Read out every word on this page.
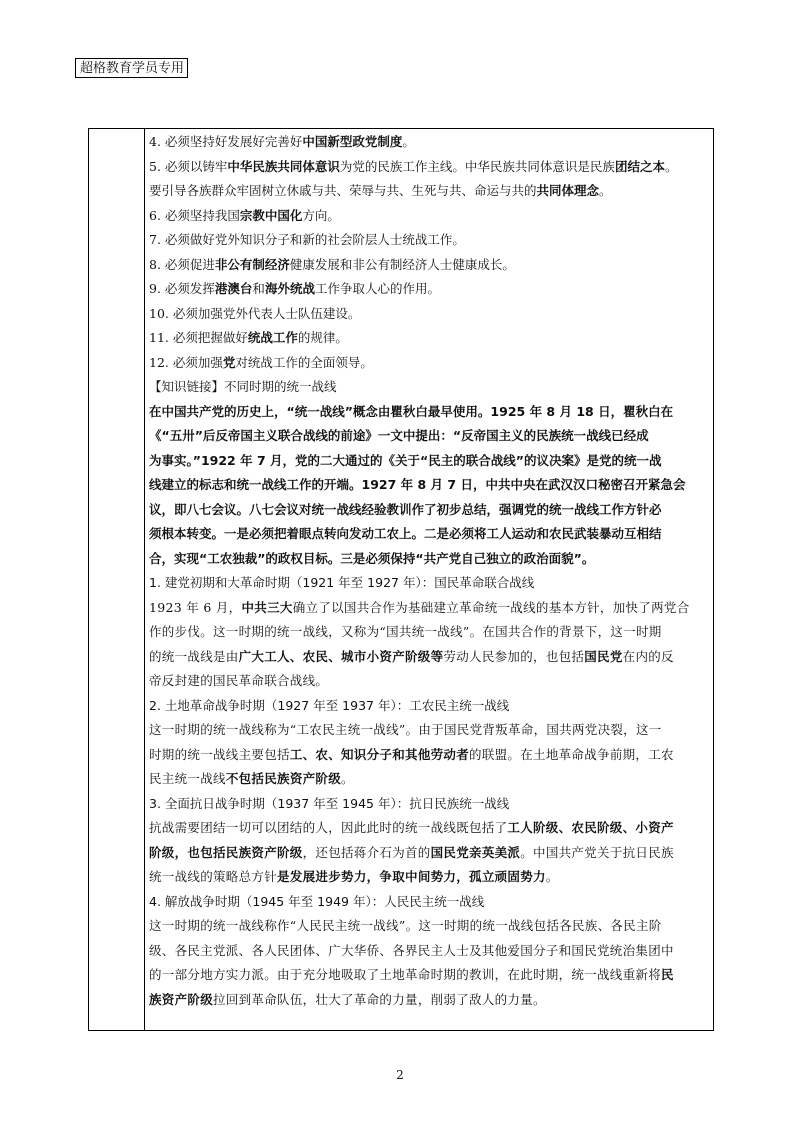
超格教育学员专用
4. 必须坚持好发展好完善好中国新型政党制度。
5. 必须以铸牢中华民族共同体意识为党的民族工作主线。中华民族共同体意识是民族团结之本。
要引导各族群众牢固树立休戚与共、荣辱与共、生死与共、命运与共的共同体理念。
6. 必须坚持我国宗教中国化方向。
7. 必须做好党外知识分子和新的社会阶层人士统战工作。
8. 必须促进非公有制经济健康发展和非公有制经济人士健康成长。
9. 必须发挥港澳台和海外统战工作争取人心的作用。
10. 必须加强党外代表人士队伍建设。
11. 必须把握做好统战工作的规律。
12. 必须加强党对统战工作的全面领导。
【知识链接】不同时期的统一战线
在中国共产党的历史上，“统一战线”概念由瞿秋白最早使用。1925 年 8 月 18 日，瞿秋白在
《“五卅”后反帝国主义联合战线的前途》一文中提出：“反帝国主义的民族统一战线已经成
为事实。”1922 年 7 月，党的二大通过的《关于“民主的联合战线”的议决案》是党的统一战
线建立的标志和统一战线工作的开端。1927 年 8 月 7 日，中共中央在武汉汉口秘密召开紧急会
议，即八七会议。八七会议对统一战线经验教训作了初步总结，强调党的统一战线工作方针必
须根本转变。一是必须把着眼点转向发动工农上。二是必须将工人运动和农民武装暴动互相结
合，实现“工农独裁”的政权目标。三是必须保持“共产党自己独立的政治面貌”。
1. 建党初期和大革命时期（1921 年至 1927 年）：国民革命联合战线
1923 年 6 月，中共三大确立了以国共合作为基础建立革命统一战线的基本方针，加快了两党合
作的步伐。这一时期的统一战线，又称为“国共统一战线”。在国共合作的背景下，这一时期
的统一战线是由广大工人、农民、城市小资产阶级等劳动人民参加的，也包括国民党在内的反
帝反封建的国民革命联合战线。
2. 土地革命战争时期（1927 年至 1937 年）：工农民主统一战线
这一时期的统一战线称为“工农民主统一战线”。由于国民党背叛革命，国共两党决裂，这一
时期的统一战线主要包括工、农、知识分子和其他劳动者的联盟。在土地革命战争前期，工农
民主统一战线不包括民族资产阶级。
3. 全面抗日战争时期（1937 年至 1945 年）：抗日民族统一战线
抗战需要团结一切可以团结的人，因此此时的统一战线既包括了工人阶级、农民阶级、小资产
阶级，也包括民族资产阶级，还包括蒋介石为首的国民党亲英美派。中国共产党关于抗日民族
统一战线的策略总方针是发展进步势力，争取中间势力，孤立顽固势力。
4. 解放战争时期（1945 年至 1949 年）：人民民主统一战线
这一时期的统一战线称作“人民民主统一战线”。这一时期的统一战线包括各民族、各民主阶
级、各民主党派、各人民团体、广大华侨、各界民主人士及其他爱国分子和国民党统治集团中
的一部分地方实力派。由于充分地吸取了土地革命时期的教训，在此时期，统一战线重新将民
族资产阶级拉回到革命队伍，壮大了革命的力量，削弱了敌人的力量。
2
